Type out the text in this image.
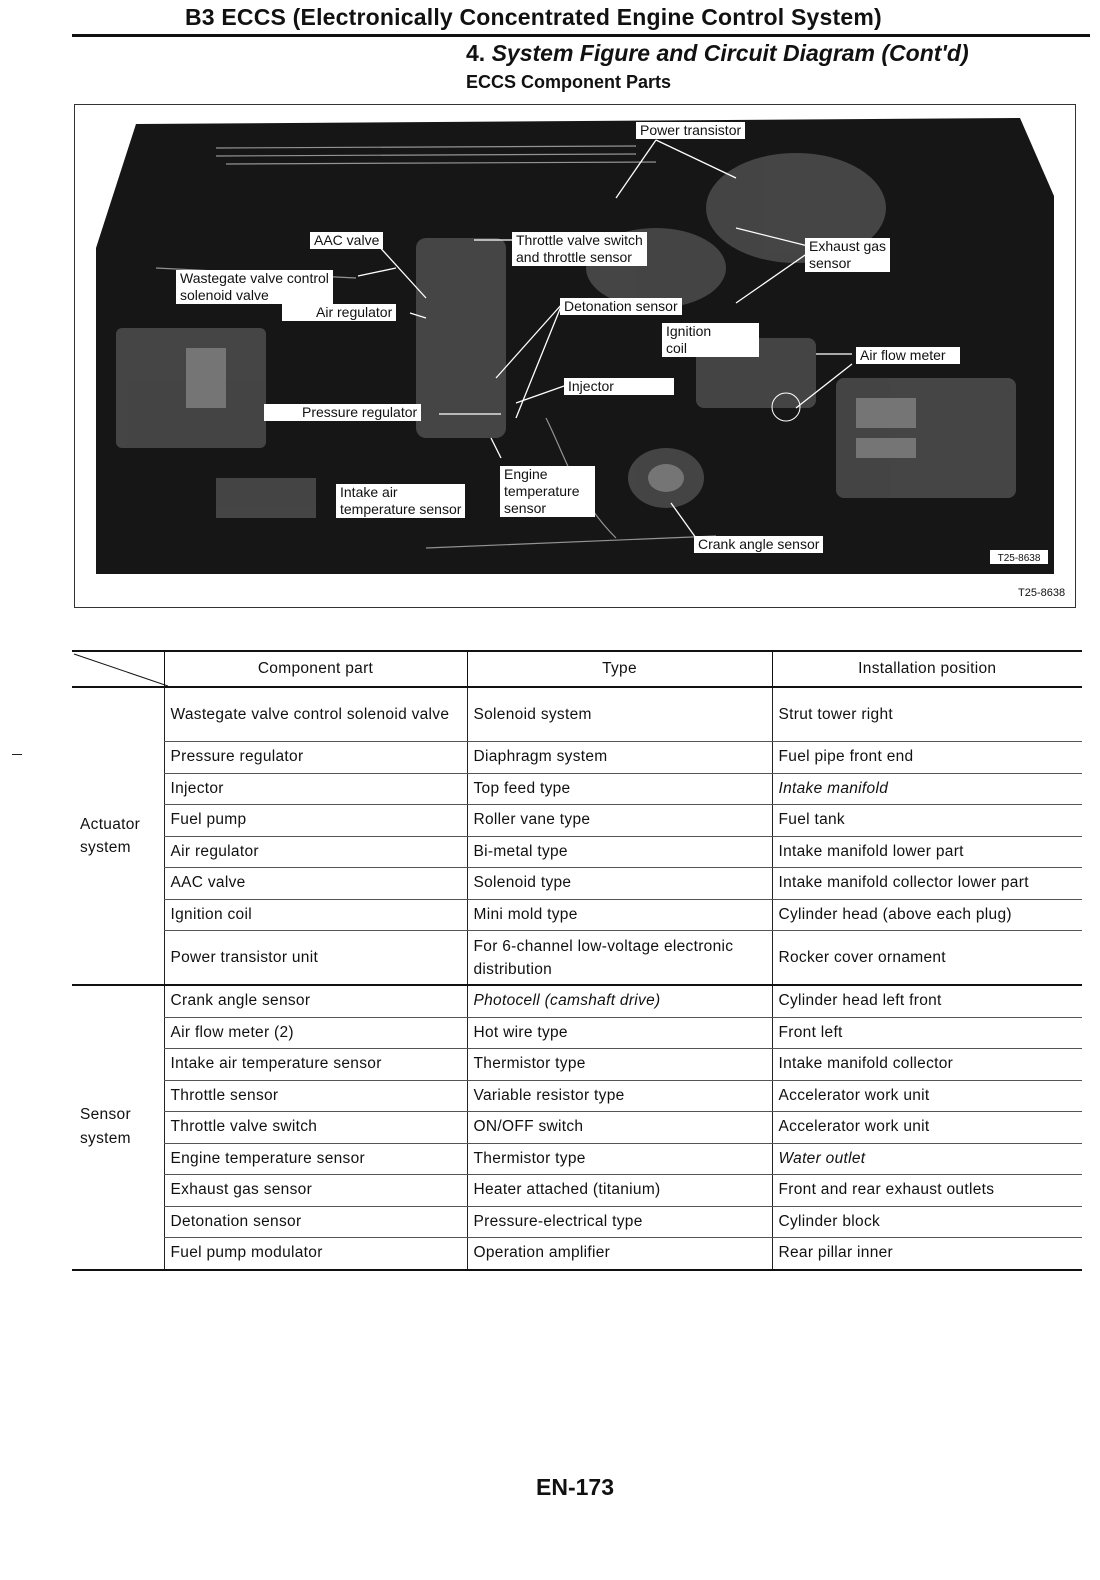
B3 ECCS (Electronically Concentrated Engine Control System)
4. System Figure and Circuit Diagram (Cont'd)
ECCS Component Parts
T25-8638
Power transistor
AAC valve	Throttle valve switch
and throttle sensor
Exhaust gas
sensor
Wastegate valve control
solenoid valve
Air regulator	Detonation sensor
Ignition
coil	Air flow meter
Injector
Pressure regulator
Engine
temperature
sensor
Intake air
temperature sensor
Crank angle sensor
T25-8638
	Component part	Type	Installation position
Actuator
system	Wastegate valve control solenoid valve	Solenoid system	Strut tower right
	Pressure regulator	Diaphragm system	Fuel pipe front end
	Injector	Top feed type	Intake manifold
	Fuel pump	Roller vane type	Fuel tank
	Air regulator	Bi-metal type	Intake manifold lower part
	AAC valve	Solenoid type	Intake manifold collector lower part
	Ignition coil	Mini mold type	Cylinder head (above each plug)
	Power transistor unit	For 6-channel low-voltage electronic distribution	Rocker cover ornament
Sensor
system	Crank angle sensor	Photocell (camshaft drive)	Cylinder head left front
	Air flow meter (2)	Hot wire type	Front left
	Intake air temperature sensor	Thermistor type	Intake manifold collector
	Throttle sensor	Variable resistor type	Accelerator work unit
	Throttle valve switch	ON/OFF switch	Accelerator work unit
	Engine temperature sensor	Thermistor type	Water outlet
	Exhaust gas sensor	Heater attached (titanium)	Front and rear exhaust outlets
	Detonation sensor	Pressure-electrical type	Cylinder block
	Fuel pump modulator	Operation amplifier	Rear pillar inner
EN-173
